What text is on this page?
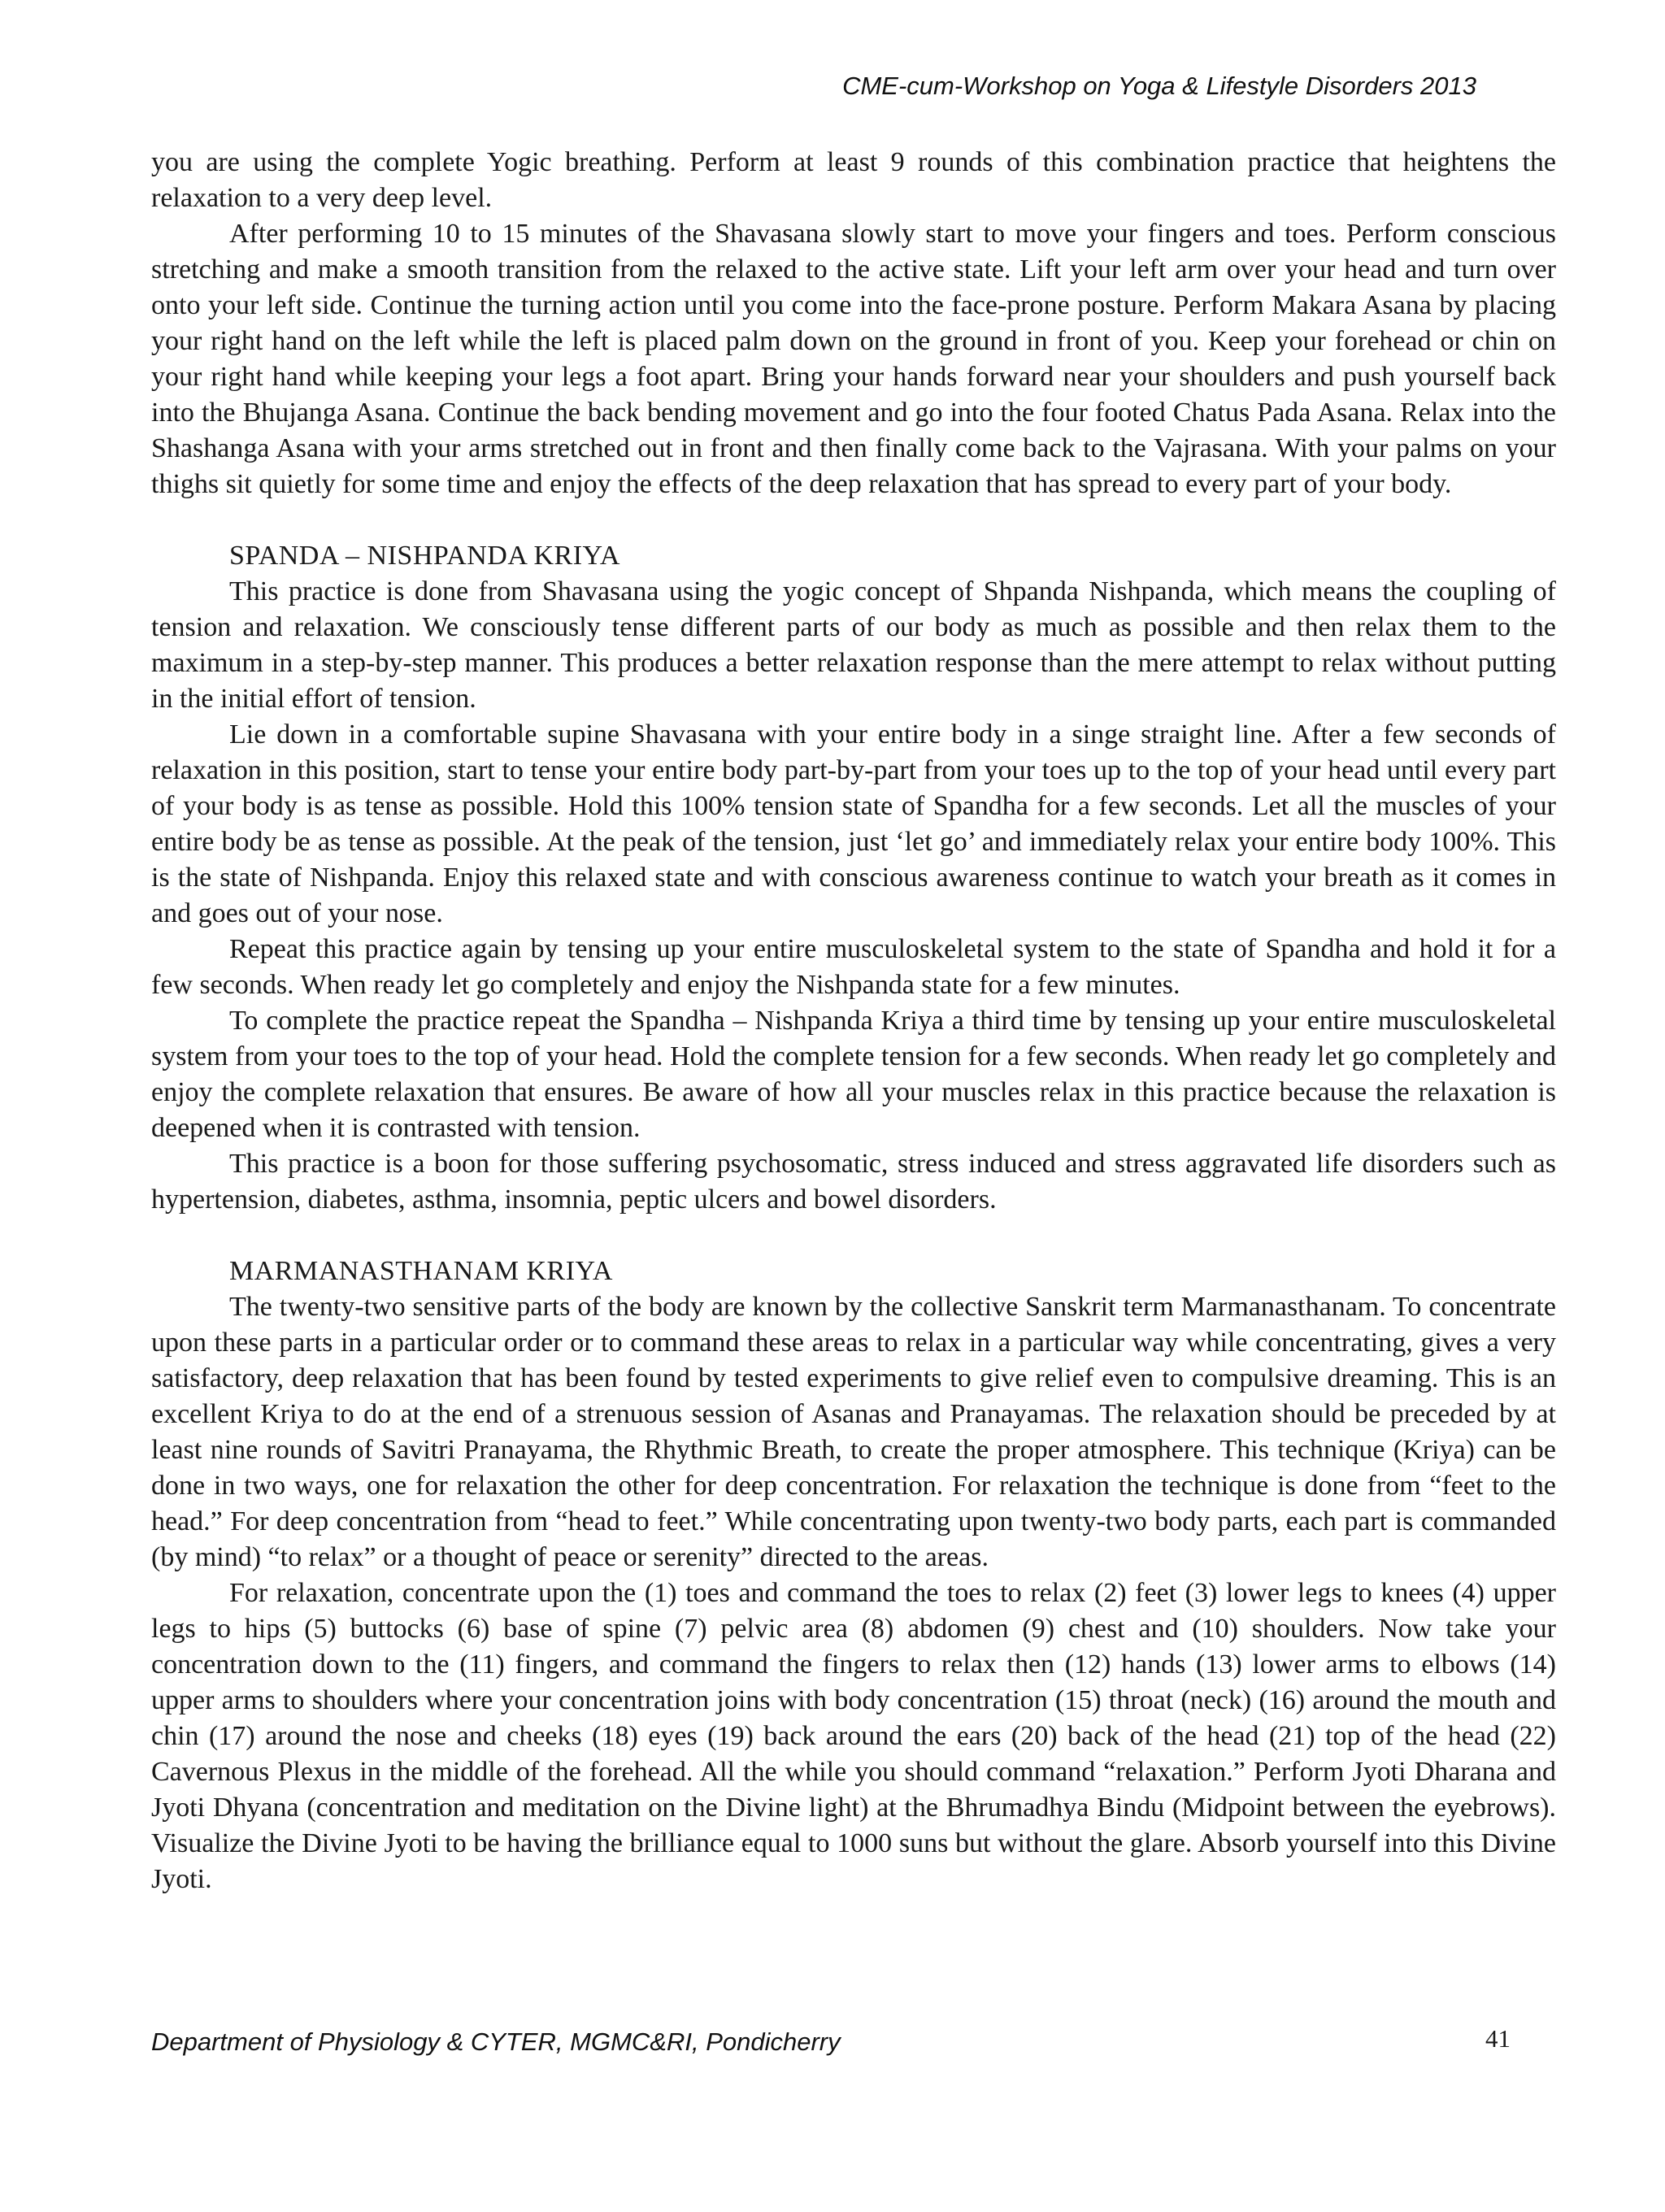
CME-cum-Workshop on Yoga & Lifestyle Disorders 2013

you are using the complete Yogic breathing. Perform at least 9 rounds of this combination practice that heightens the relaxation to a very deep level.

After performing 10 to 15 minutes of the Shavasana slowly start to move your fingers and toes. Perform conscious stretching and make a smooth transition from the relaxed to the active state. Lift your left arm over your head and turn over onto your left side. Continue the turning action until you come into the face-prone posture. Perform Makara Asana by placing your right hand on the left while the left is placed palm down on the ground in front of you. Keep your forehead or chin on your right hand while keeping your legs a foot apart. Bring your hands forward near your shoulders and push yourself back into the Bhujanga Asana. Continue the back bending movement and go into the four footed Chatus Pada Asana. Relax into the Shashanga Asana with your arms stretched out in front and then finally come back to the Vajrasana. With your palms on your thighs sit quietly for some time and enjoy the effects of the deep relaxation that has spread to every part of your body.

SPANDA – NISHPANDA KRIYA

This practice is done from Shavasana using the yogic concept of Shpanda Nishpanda, which means the coupling of tension and relaxation. We consciously tense different parts of our body as much as possible and then relax them to the maximum in a step-by-step manner. This produces a better relaxation response than the mere attempt to relax without putting in the initial effort of tension.

Lie down in a comfortable supine Shavasana with your entire body in a singe straight line. After a few seconds of relaxation in this position, start to tense your entire body part-by-part from your toes up to the top of your head until every part of your body is as tense as possible. Hold this 100% tension state of Spandha for a few seconds. Let all the muscles of your entire body be as tense as possible. At the peak of the tension, just ‘let go’ and immediately relax your entire body 100%. This is the state of Nishpanda. Enjoy this relaxed state and with conscious awareness continue to watch your breath as it comes in and goes out of your nose.

Repeat this practice again by tensing up your entire musculoskeletal system to the state of Spandha and hold it for a few seconds. When ready let go completely and enjoy the Nishpanda state for a few minutes.

To complete the practice repeat the Spandha – Nishpanda Kriya a third time by tensing up your entire musculoskeletal system from your toes to the top of your head. Hold the complete tension for a few seconds. When ready let go completely and enjoy the complete relaxation that ensures. Be aware of how all your muscles relax in this practice because the relaxation is deepened when it is contrasted with tension.

This practice is a boon for those suffering psychosomatic, stress induced and stress aggravated life disorders such as hypertension, diabetes, asthma, insomnia, peptic ulcers and bowel disorders.

MARMANASTHANAM KRIYA

The twenty-two sensitive parts of the body are known by the collective Sanskrit term Marmanasthanam. To concentrate upon these parts in a particular order or to command these areas to relax in a particular way while concentrating, gives a very satisfactory, deep relaxation that has been found by tested experiments to give relief even to compulsive dreaming. This is an excellent Kriya to do at the end of a strenuous session of Asanas and Pranayamas. The relaxation should be preceded by at least nine rounds of Savitri Pranayama, the Rhythmic Breath, to create the proper atmosphere. This technique (Kriya) can be done in two ways, one for relaxation the other for deep concentration. For relaxation the technique is done from “feet to the head.” For deep concentration from “head to feet.” While concentrating upon twenty-two body parts, each part is commanded (by mind) “to relax” or a thought of peace or serenity” directed to the areas.

For relaxation, concentrate upon the (1) toes and command the toes to relax (2) feet (3) lower legs to knees (4) upper legs to hips (5) buttocks (6) base of spine (7) pelvic area (8) abdomen (9) chest and (10) shoulders. Now take your concentration down to the (11) fingers, and command the fingers to relax then (12) hands (13) lower arms to elbows (14) upper arms to shoulders where your concentration joins with body concentration (15) throat (neck) (16) around the mouth and chin (17) around the nose and cheeks (18) eyes (19) back around the ears (20) back of the head (21) top of the head (22) Cavernous Plexus in the middle of the forehead. All the while you should command “relaxation.” Perform Jyoti Dharana and Jyoti Dhyana (concentration and meditation on the Divine light) at the Bhrumadhya Bindu (Midpoint between the eyebrows). Visualize the Divine Jyoti to be having the brilliance equal to 1000 suns but without the glare. Absorb yourself into this Divine Jyoti.

Department of Physiology & CYTER, MGMC&RI, Pondicherry	41
